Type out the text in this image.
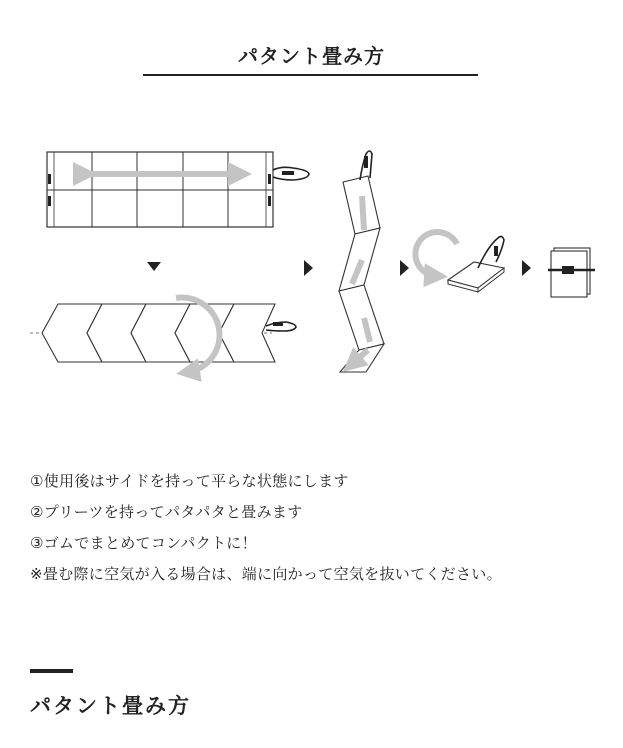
パタント畳み方
①使用後はサイドを持って平らな状態にします
②プリーツを持ってパタパタと畳みます
③ゴムでまとめてコンパクトに！
※畳む際に空気が入る場合は、端に向かって空気を抜いてください。
パタント畳み方
